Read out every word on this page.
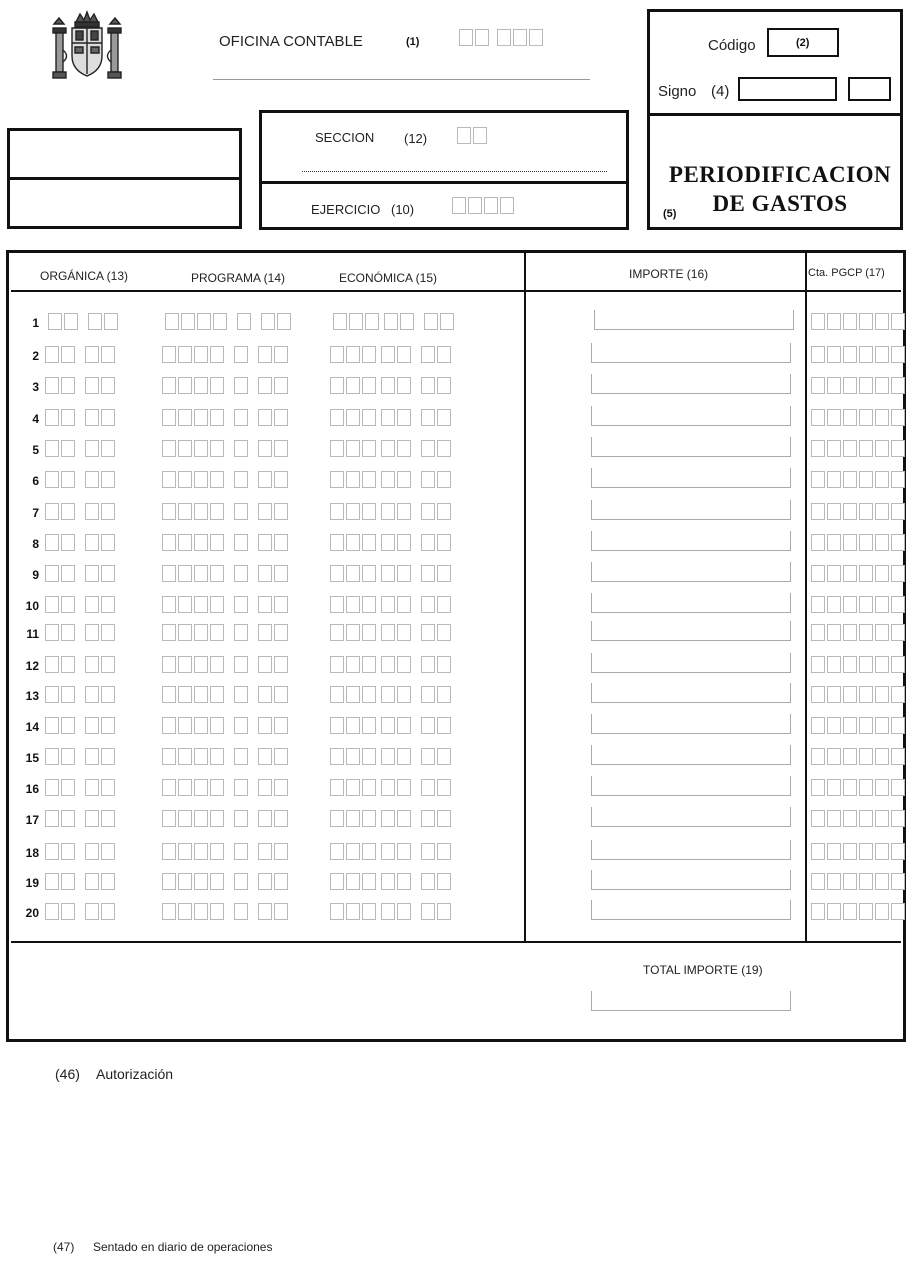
OFICINA CONTABLE	(1)	Código	(2)
Signo (4)
PERIODIFICACION
DE GASTOS
(5)
SECCION (12)
EJERCICIO (10)
ORGÁNICA (13)	PROGRAMA (14)	ECONÓMICA (15)	IMPORTE (16)	Cta. PGCP (17)
1
2
3
4
5
6
7
8
9
10
11
12
13
14
15
16
17
18
19
20
TOTAL IMPORTE (19)
(46) Autorización
(47) Sentado en diario de operaciones
